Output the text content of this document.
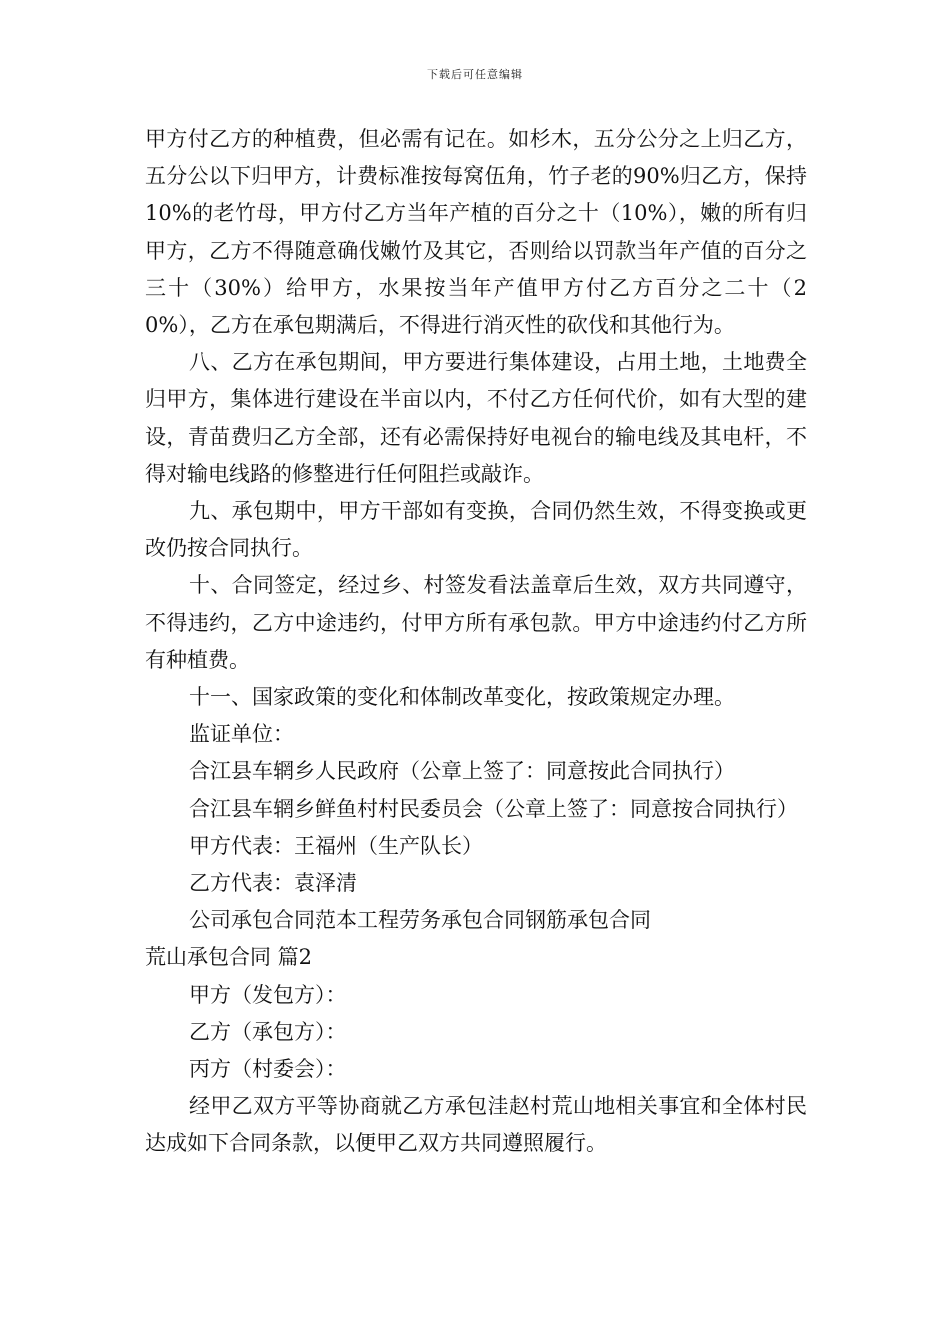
下载后可任意编辑

甲方付乙方的种植费，但必需有记在。如杉木，五分公分之上归乙方，五分公以下归甲方，计费标准按每窝伍角，竹子老的90%归乙方，保持10%的老竹母，甲方付乙方当年产植的百分之十（10%），嫩的所有归甲方，乙方不得随意确伐嫩竹及其它，否则给以罚款当年产值的百分之三十（30%）给甲方，水果按当年产值甲方付乙方百分之二十（20%），乙方在承包期满后，不得进行消灭性的砍伐和其他行为。

八、乙方在承包期间，甲方要进行集体建设，占用土地，土地费全归甲方，集体进行建设在半亩以内，不付乙方任何代价，如有大型的建设，青苗费归乙方全部，还有必需保持好电视台的输电线及其电杆，不得对输电线路的修整进行任何阻拦或敲诈。

九、承包期中，甲方干部如有变换，合同仍然生效，不得变换或更改仍按合同执行。

十、合同签定，经过乡、村签发看法盖章后生效，双方共同遵守，不得违约，乙方中途违约，付甲方所有承包款。甲方中途违约付乙方所有种植费。

十一、国家政策的变化和体制改革变化，按政策规定办理。

监证单位：

合江县车辋乡人民政府（公章上签了：同意按此合同执行）

合江县车辋乡鲜鱼村村民委员会（公章上签了：同意按合同执行）

甲方代表：王福州（生产队长）

乙方代表：袁泽清

公司承包合同范本工程劳务承包合同钢筋承包合同

荒山承包合同 篇2

甲方（发包方）：

乙方（承包方）：

丙方（村委会）：

经甲乙双方平等协商就乙方承包洼赵村荒山地相关事宜和全体村民达成如下合同条款，以便甲乙双方共同遵照履行。
